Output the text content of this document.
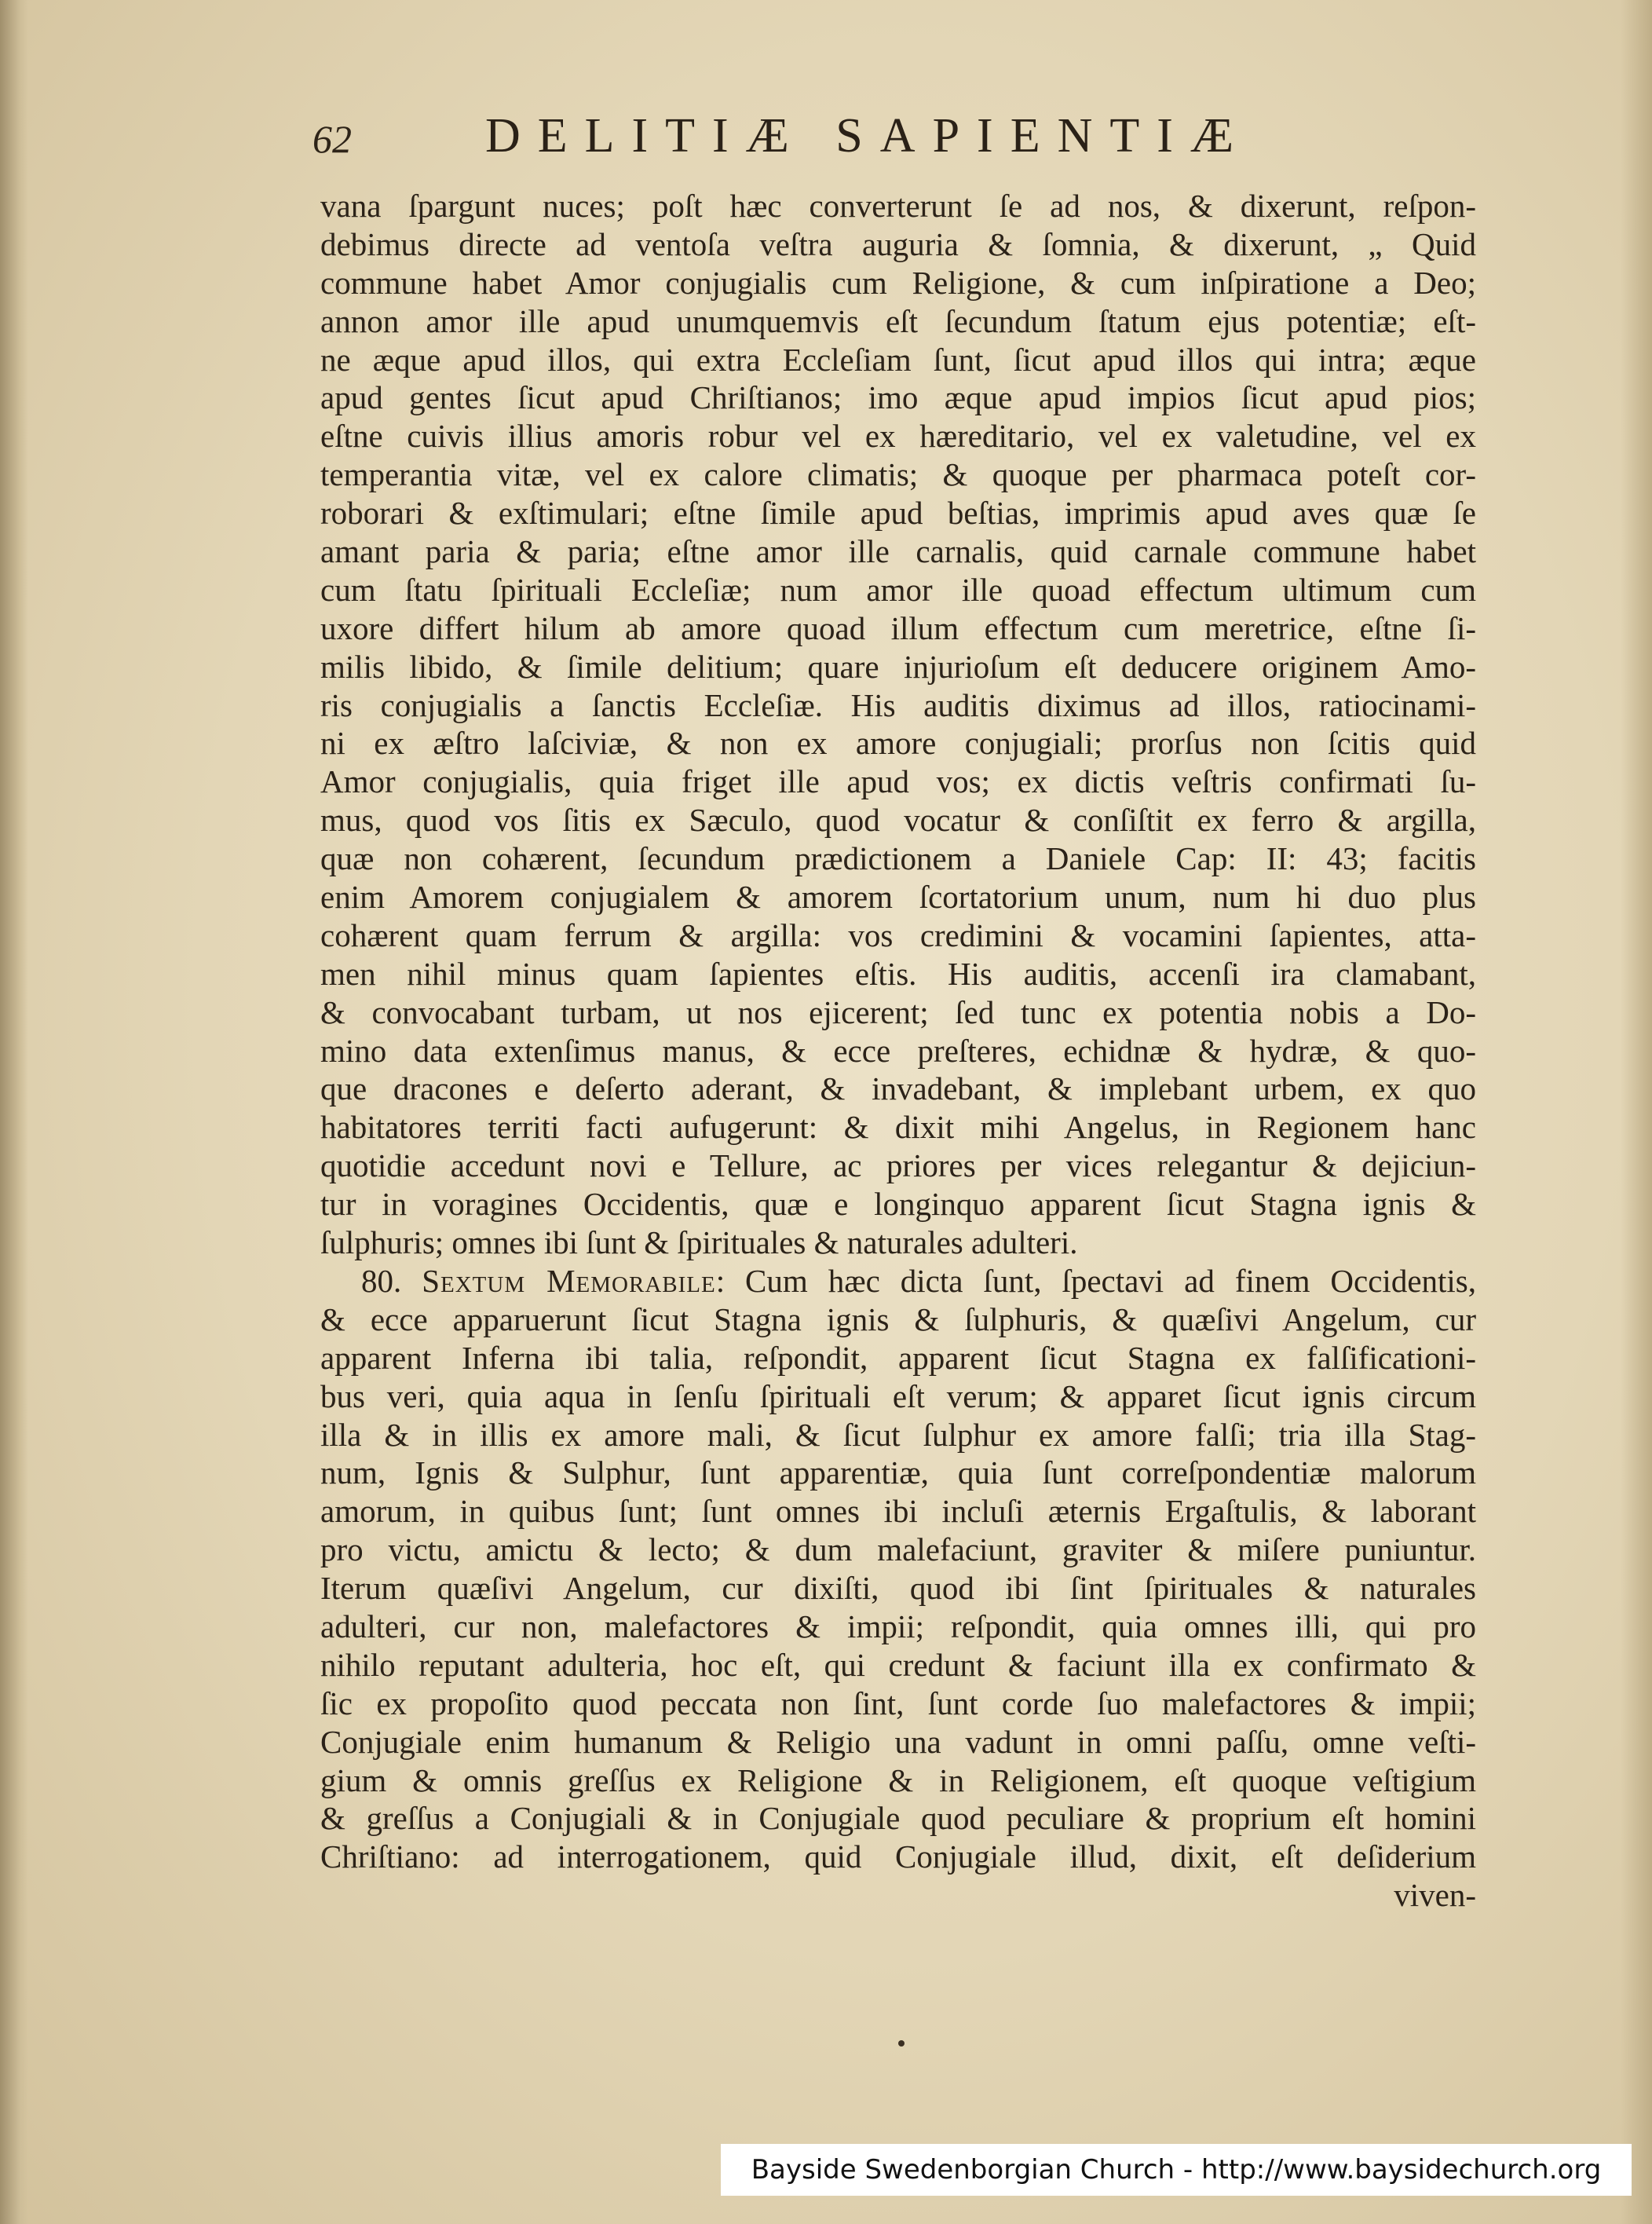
62	DELITIÆ SAPIENTIÆ
vana ſpargunt nuces; poſt hæc converterunt ſe ad nos, & dixerunt, reſpon-
debimus directe ad ventoſa veſtra auguria & ſomnia, & dixerunt, „ Quid
commune habet Amor conjugialis cum Religione, & cum inſpiratione a Deo;
annon amor ille apud unumquemvis eſt ſecundum ſtatum ejus potentiæ; eſt-
ne æque apud illos, qui extra Eccleſiam ſunt, ſicut apud illos qui intra; æque
apud gentes ſicut apud Chriſtianos; imo æque apud impios ſicut apud pios;
eſtne cuivis illius amoris robur vel ex hæreditario, vel ex valetudine, vel ex
temperantia vitæ, vel ex calore climatis; & quoque per pharmaca poteſt cor-
roborari & exſtimulari; eſtne ſimile apud beſtias, imprimis apud aves quæ ſe
amant paria & paria; eſtne amor ille carnalis, quid carnale commune habet
cum ſtatu ſpirituali Eccleſiæ; num amor ille quoad effectum ultimum cum
uxore differt hilum ab amore quoad illum effectum cum meretrice, eſtne ſi-
milis libido, & ſimile delitium; quare injurioſum eſt deducere originem Amo-
ris conjugialis a ſanctis Eccleſiæ. His auditis diximus ad illos, ratiocinami-
ni ex æſtro laſciviæ, & non ex amore conjugiali; prorſus non ſcitis quid
Amor conjugialis, quia friget ille apud vos; ex dictis veſtris confirmati ſu-
mus, quod vos ſitis ex Sæculo, quod vocatur & conſiſtit ex ferro & argilla,
quæ non cohærent, ſecundum prædictionem a Daniele Cap: II: 43; facitis
enim Amorem conjugialem & amorem ſcortatorium unum, num hi duo plus
cohærent quam ferrum & argilla: vos credimini & vocamini ſapientes, atta-
men nihil minus quam ſapientes eſtis. His auditis, accenſi ira clamabant,
& convocabant turbam, ut nos ejicerent; ſed tunc ex potentia nobis a Do-
mino data extenſimus manus, & ecce preſteres, echidnæ & hydræ, & quo-
que dracones e deſerto aderant, & invadebant, & implebant urbem, ex quo
habitatores territi facti aufugerunt: & dixit mihi Angelus, in Regionem hanc
quotidie accedunt novi e Tellure, ac priores per vices relegantur & dejiciun-
tur in voragines Occidentis, quæ e longinquo apparent ſicut Stagna ignis &
ſulphuris; omnes ibi ſunt & ſpirituales & naturales adulteri.
80. Sextum Memorabile: Cum hæc dicta ſunt, ſpectavi ad finem Occidentis,
& ecce apparuerunt ſicut Stagna ignis & ſulphuris, & quæſivi Angelum, cur
apparent Inferna ibi talia, reſpondit, apparent ſicut Stagna ex falſificationi-
bus veri, quia aqua in ſenſu ſpirituali eſt verum; & apparet ſicut ignis circum
illa & in illis ex amore mali, & ſicut ſulphur ex amore falſi; tria illa Stag-
num, Ignis & Sulphur, ſunt apparentiæ, quia ſunt correſpondentiæ malorum
amorum, in quibus ſunt; ſunt omnes ibi incluſi æternis Ergaſtulis, & laborant
pro victu, amictu & lecto; & dum malefaciunt, graviter & miſere puniuntur.
Iterum quæſivi Angelum, cur dixiſti, quod ibi ſint ſpirituales & naturales
adulteri, cur non, malefactores & impii; reſpondit, quia omnes illi, qui pro
nihilo reputant adulteria, hoc eſt, qui credunt & faciunt illa ex confirmato &
ſic ex propoſito quod peccata non ſint, ſunt corde ſuo malefactores & impii;
Conjugiale enim humanum & Religio una vadunt in omni paſſu, omne veſti-
gium & omnis greſſus ex Religione & in Religionem, eſt quoque veſtigium
& greſſus a Conjugiali & in Conjugiale quod peculiare & proprium eſt homini
Chriſtiano: ad interrogationem, quid Conjugiale illud, dixit, eſt deſiderium
viven-
Bayside Swedenborgian Church - http://www.baysidechurch.org
